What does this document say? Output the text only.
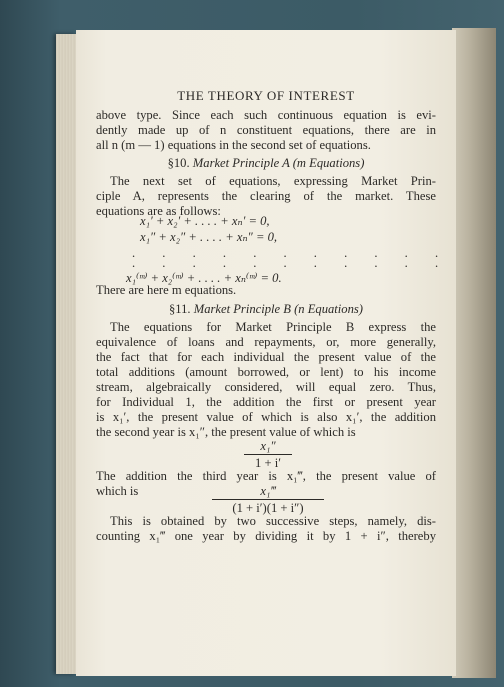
THE THEORY OF INTEREST
above type. Since each such continuous equation is evi-
dently made up of n constituent equations, there are in
all n (m — 1) equations in the second set of equations.
§10. Market Principle A (m Equations)
The next set of equations, expressing Market Prin-
ciple A, represents the clearing of the market. These
equations are as follows:
x₁′ + x₂′ + . . . . + xₙ′ = 0,
x₁″ + x₂″ + . . . . + xₙ″ = 0,
. . . . . . . . . . .
. . . . . . . . . . .
x₁⁽ᵐ⁾ + x₂⁽ᵐ⁾ + . . . . + xₙ⁽ᵐ⁾ = 0.
There are here m equations.
§11. Market Principle B (n Equations)
The equations for Market Principle B express the
equivalence of loans and repayments, or, more generally,
the fact that for each individual the present value of the
total additions (amount borrowed, or lent) to his income
stream, algebraically considered, will equal zero. Thus,
for Individual 1, the addition the first or present year
is x₁′, the present value of which is also x₁′, the addition
the second year is x₁″, the present value of which is
x₁″
1 + i′
The addition the third year is x₁‴, the present value of
which is	x₁‴
(1 + i′)(1 + i″)
This is obtained by two successive steps, namely, dis-
counting x₁‴ one year by dividing it by 1 + i″, thereby
